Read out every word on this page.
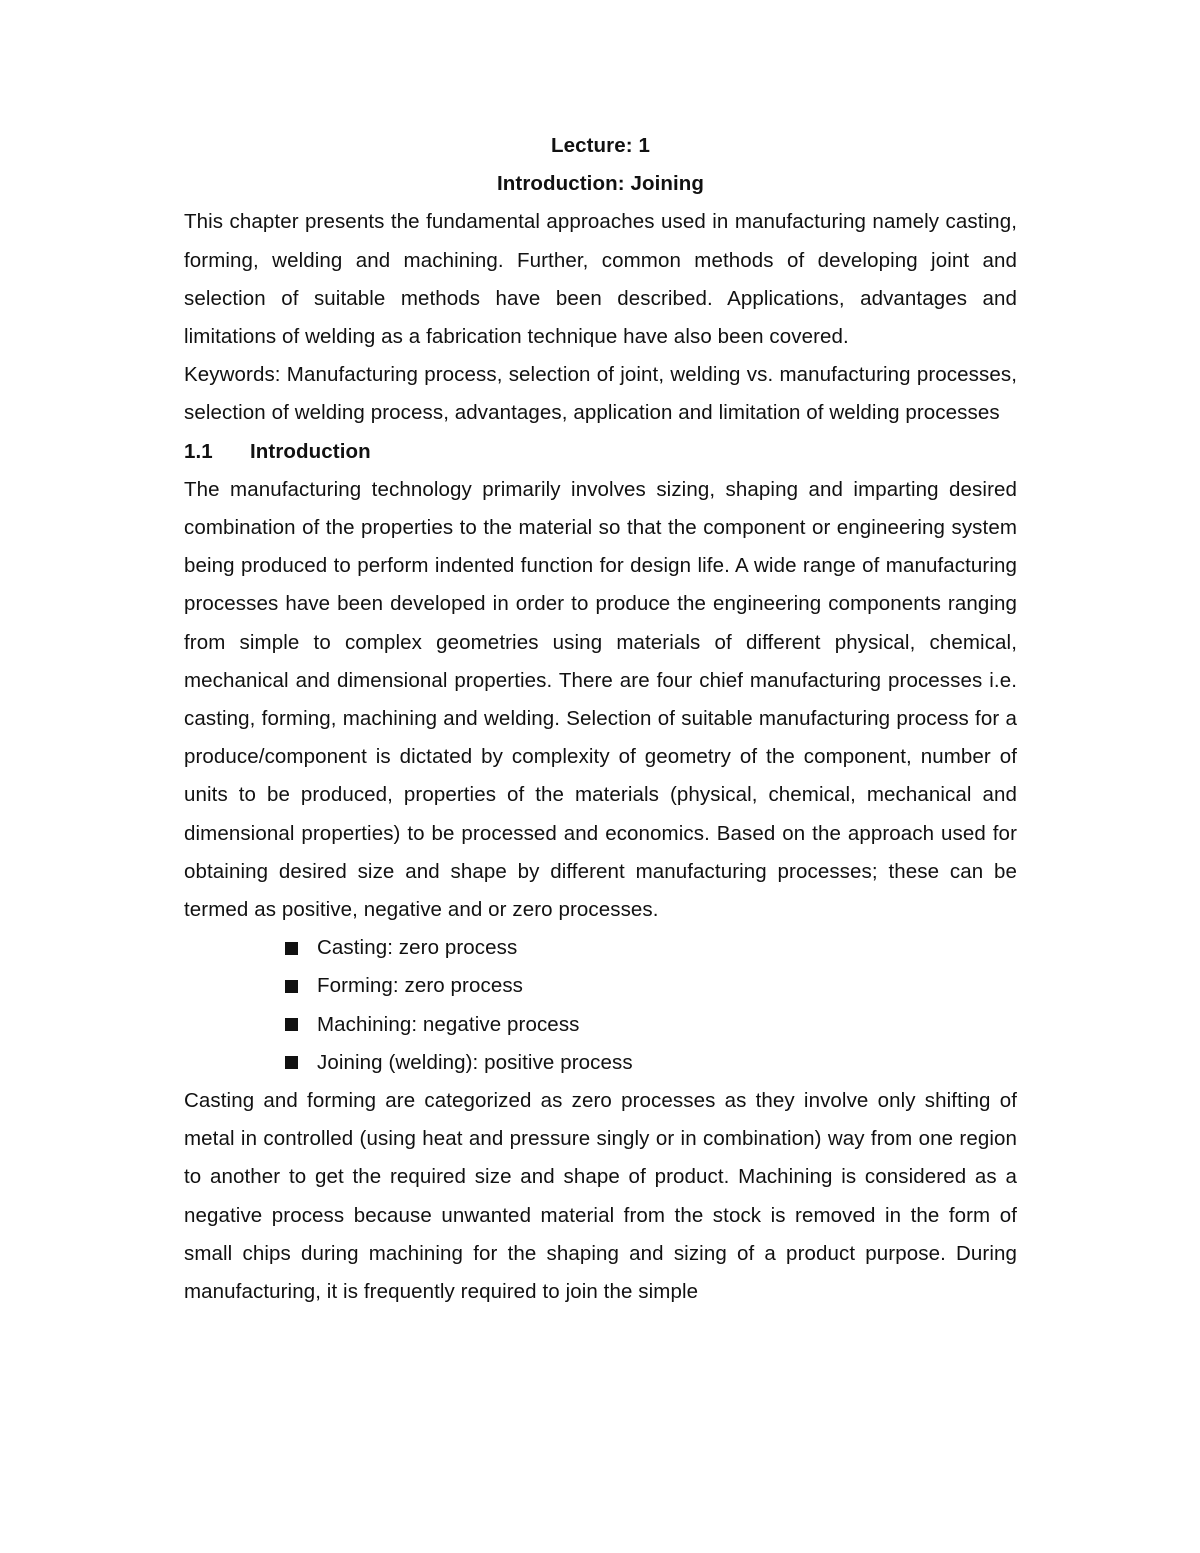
Lecture: 1

Introduction: Joining

This chapter presents the fundamental approaches used in manufacturing namely casting, forming, welding and machining. Further, common methods of developing joint and selection of suitable methods have been described. Applications, advantages and limitations of welding as a fabrication technique have also been covered.

Keywords: Manufacturing process, selection of joint, welding vs. manufacturing processes, selection of welding process, advantages, application and limitation of welding processes

1.1	Introduction

The manufacturing technology primarily involves sizing, shaping and imparting desired combination of the properties to the material so that the component or engineering system being produced to perform indented function for design life. A wide range of manufacturing processes have been developed in order to produce the engineering components ranging from simple to complex geometries using materials of different physical, chemical, mechanical and dimensional properties. There are four chief manufacturing processes i.e. casting, forming, machining and welding. Selection of suitable manufacturing process for a produce/component is dictated by complexity of geometry of the component, number of units to be produced, properties of the materials (physical, chemical, mechanical and dimensional properties) to be processed and economics. Based on the approach used for obtaining desired size and shape by different manufacturing processes; these can be termed as positive, negative and or zero processes.

Casting: zero process
Forming: zero process
Machining: negative process
Joining (welding): positive process

Casting and forming are categorized as zero processes as they involve only shifting of metal in controlled (using heat and pressure singly or in combination) way from one region to another to get the required size and shape of product. Machining is considered as a negative process because unwanted material from the stock is removed in the form of small chips during machining for the shaping and sizing of a product purpose. During manufacturing, it is frequently required to join the simple
